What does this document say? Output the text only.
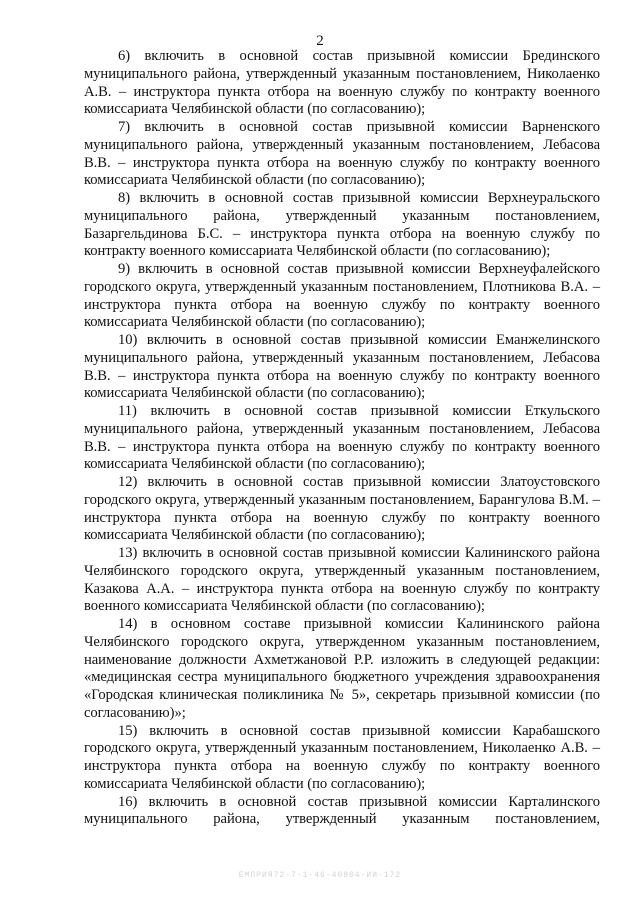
2

6) включить в основной состав призывной комиссии Брединского муниципального района, утвержденный указанным постановлением, Николаенко А.В. – инструктора пункта отбора на военную службу по контракту военного комиссариата Челябинской области (по согласованию);

7) включить в основной состав призывной комиссии Варненского муниципального района, утвержденный указанным постановлением, Лебасова В.В. – инструктора пункта отбора на военную службу по контракту военного комиссариата Челябинской области (по согласованию);

8) включить в основной состав призывной комиссии Верхнеуральского муниципального района, утвержденный указанным постановлением, Базаргельдинова Б.С. – инструктора пункта отбора на военную службу по контракту военного комиссариата Челябинской области (по согласованию);

9) включить в основной состав призывной комиссии Верхнеуфалейского городского округа, утвержденный указанным постановлением, Плотникова В.А. – инструктора пункта отбора на военную службу по контракту военного комиссариата Челябинской области (по согласованию);

10) включить в основной состав призывной комиссии Еманжелинского муниципального района, утвержденный указанным постановлением, Лебасова В.В. – инструктора пункта отбора на военную службу по контракту военного комиссариата Челябинской области (по согласованию);

11) включить в основной состав призывной комиссии Еткульского муниципального района, утвержденный указанным постановлением, Лебасова В.В. – инструктора пункта отбора на военную службу по контракту военного комиссариата Челябинской области (по согласованию);

12) включить в основной состав призывной комиссии Златоустовского городского округа, утвержденный указанным постановлением, Барангулова В.М. – инструктора пункта отбора на военную службу по контракту военного комиссариата Челябинской области (по согласованию);

13) включить в основной состав призывной комиссии Калининского района Челябинского городского округа, утвержденный указанным постановлением, Казакова А.А. – инструктора пункта отбора на военную службу по контракту военного комиссариата Челябинской области (по согласованию);

14) в основном составе призывной комиссии Калининского района Челябинского городского округа, утвержденном указанным постановлением, наименование должности Ахметжановой Р.Р. изложить в следующей редакции: «медицинская сестра муниципального бюджетного учреждения здравоохранения «Городская клиническая поликлиника № 5», секретарь призывной комиссии (по согласованию)»;

15) включить в основной состав призывной комиссии Карабашского городского округа, утвержденный указанным постановлением, Николаенко А.В. – инструктора пункта отбора на военную службу по контракту военного комиссариата Челябинской области (по согласованию);

16) включить в основной состав призывной комиссии Карталинского муниципального района, утвержденный указанным постановлением,

ЕМПРИЯ72-7-1-46-40804-ИИ-172
